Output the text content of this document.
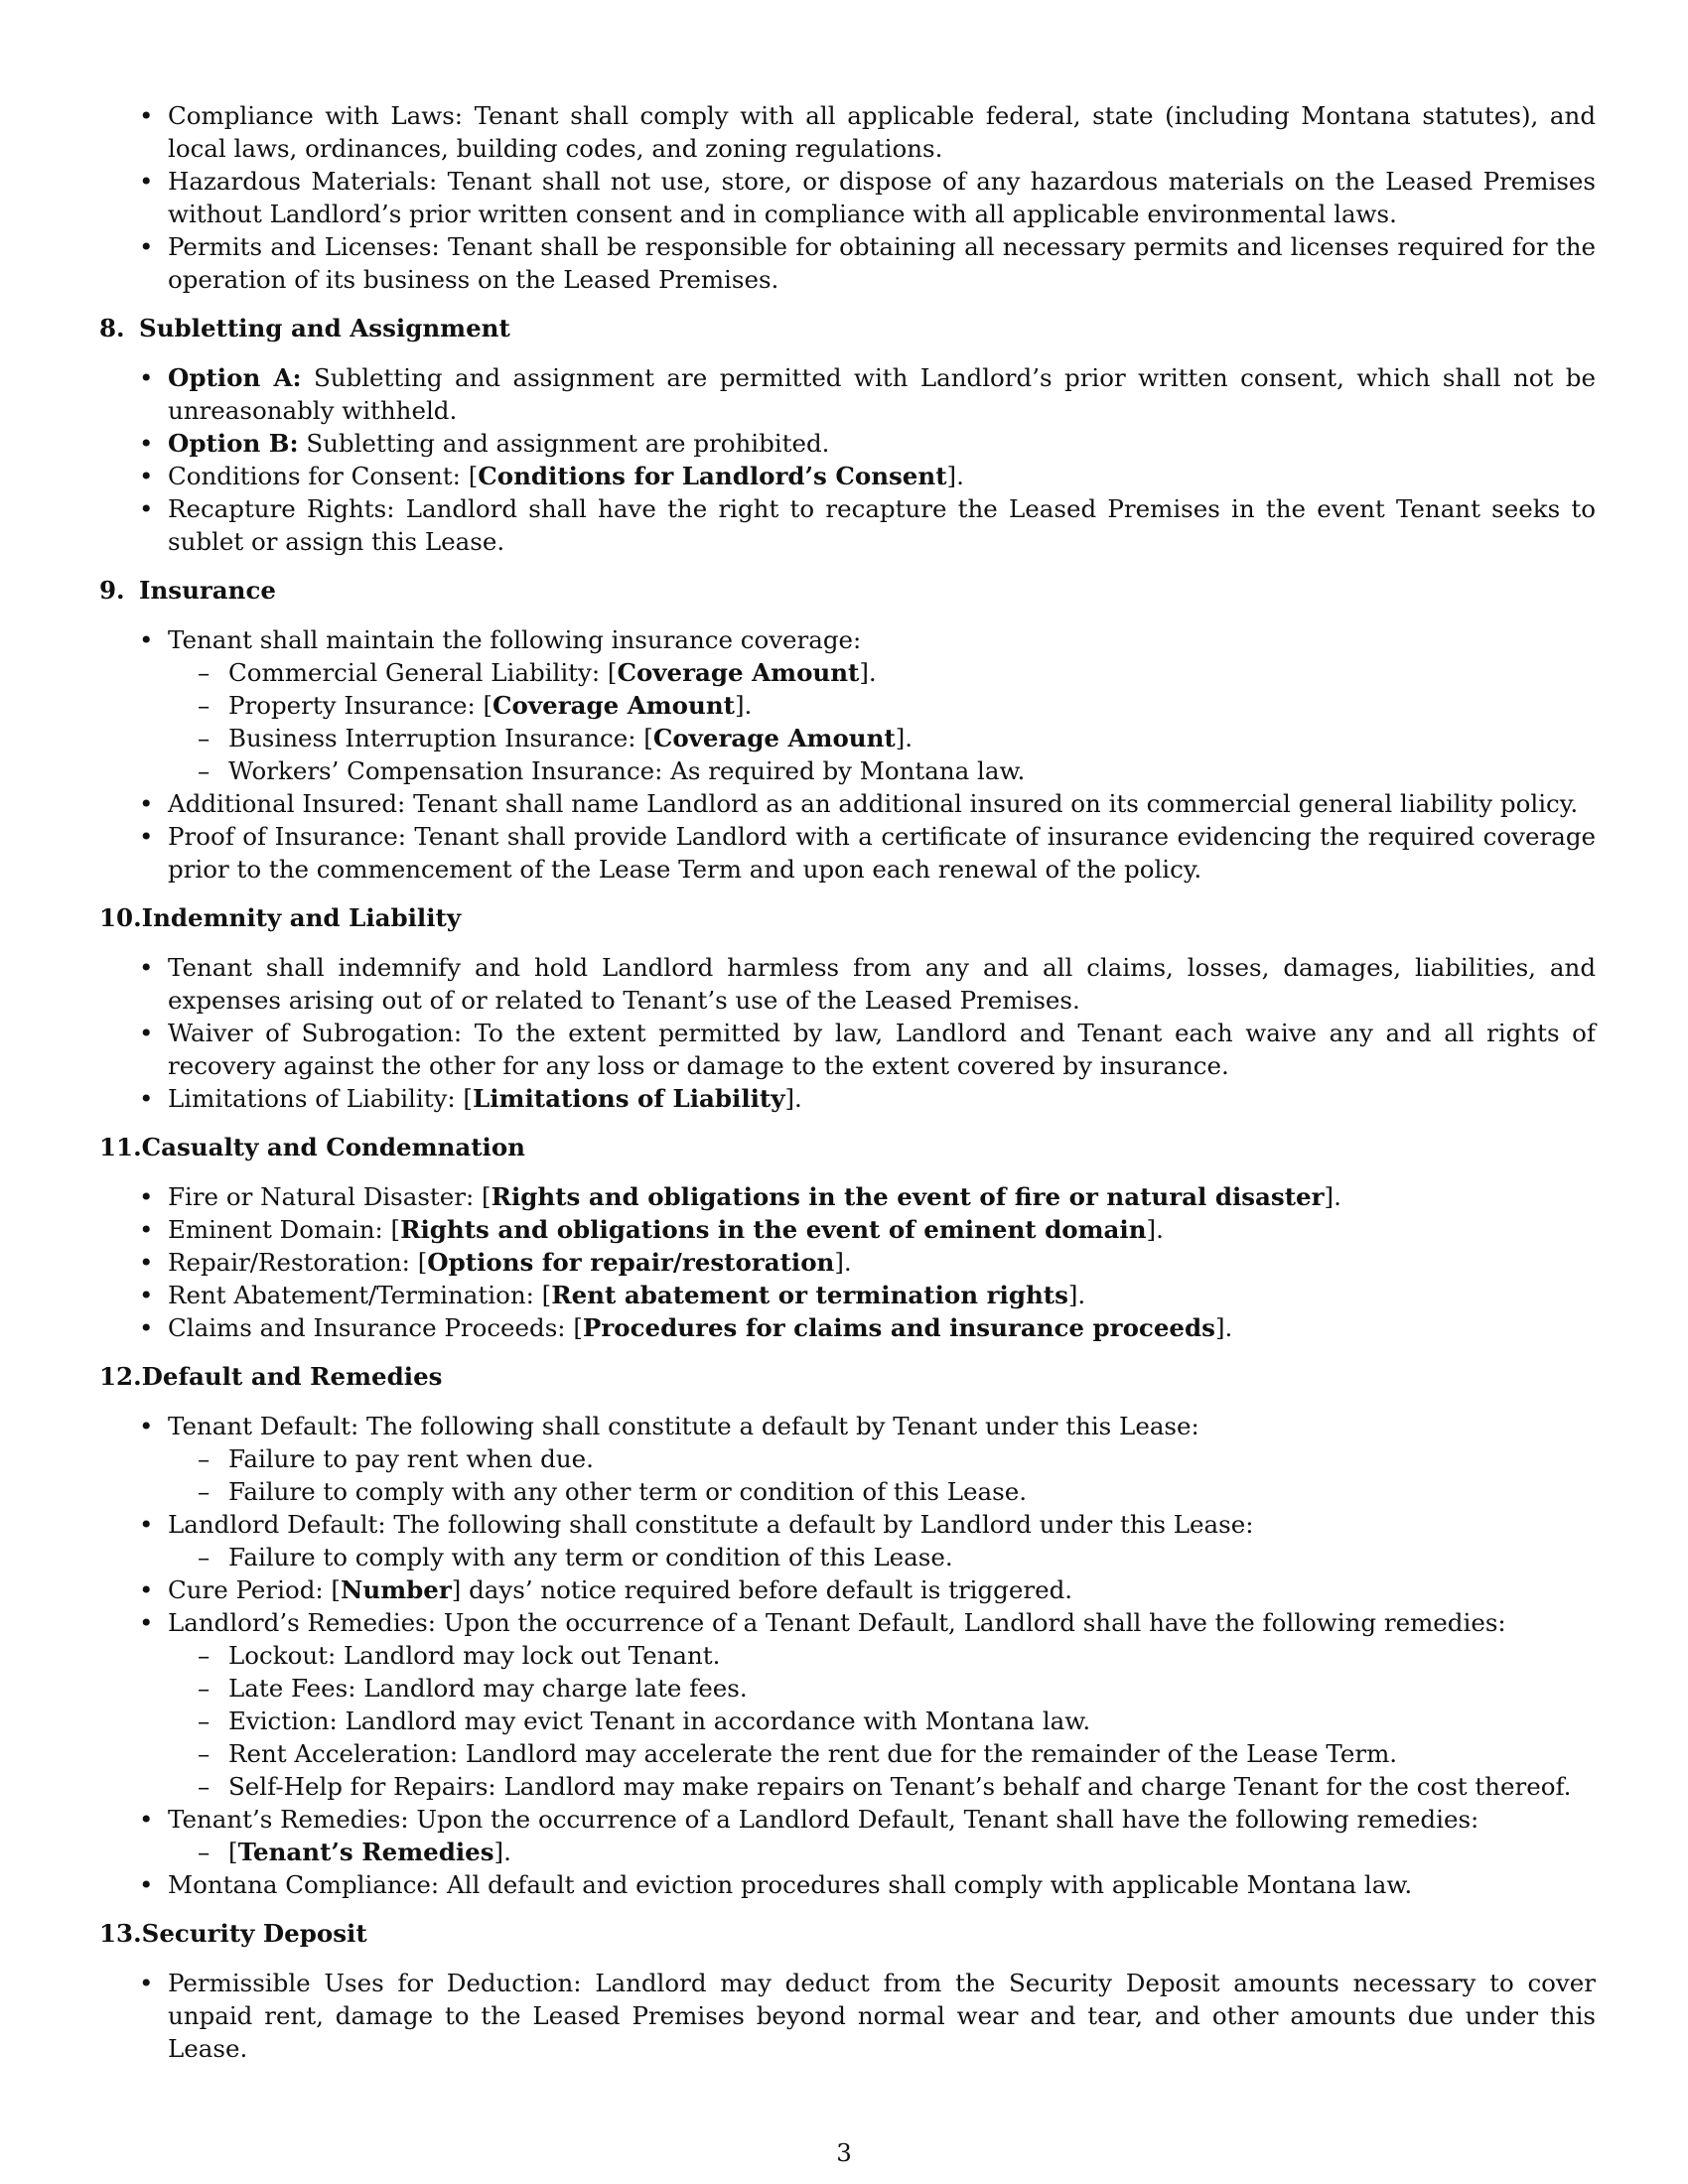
• Compliance with Laws: Tenant shall comply with all applicable federal, state (including Montana statutes), and local laws, ordinances, building codes, and zoning regulations.
• Hazardous Materials: Tenant shall not use, store, or dispose of any hazardous materials on the Leased Premises without Landlord’s prior written consent and in compliance with all applicable environmental laws.
• Permits and Licenses: Tenant shall be responsible for obtaining all necessary permits and licenses required for the operation of its business on the Leased Premises.
8. Subletting and Assignment
• Option A: Subletting and assignment are permitted with Landlord’s prior written consent, which shall not be unreasonably withheld.
• Option B: Subletting and assignment are prohibited.
• Conditions for Consent: [Conditions for Landlord’s Consent].
• Recapture Rights: Landlord shall have the right to recapture the Leased Premises in the event Tenant seeks to sublet or assign this Lease.
9. Insurance
• Tenant shall maintain the following insurance coverage:
– Commercial General Liability: [Coverage Amount].
– Property Insurance: [Coverage Amount].
– Business Interruption Insurance: [Coverage Amount].
– Workers’ Compensation Insurance: As required by Montana law.
• Additional Insured: Tenant shall name Landlord as an additional insured on its commercial general liability policy.
• Proof of Insurance: Tenant shall provide Landlord with a certificate of insurance evidencing the required coverage prior to the commencement of the Lease Term and upon each renewal of the policy.
10.Indemnity and Liability
• Tenant shall indemnify and hold Landlord harmless from any and all claims, losses, damages, liabilities, and expenses arising out of or related to Tenant’s use of the Leased Premises.
• Waiver of Subrogation: To the extent permitted by law, Landlord and Tenant each waive any and all rights of recovery against the other for any loss or damage to the extent covered by insurance.
• Limitations of Liability: [Limitations of Liability].
11.Casualty and Condemnation
• Fire or Natural Disaster: [Rights and obligations in the event of fire or natural disaster].
• Eminent Domain: [Rights and obligations in the event of eminent domain].
• Repair/Restoration: [Options for repair/restoration].
• Rent Abatement/Termination: [Rent abatement or termination rights].
• Claims and Insurance Proceeds: [Procedures for claims and insurance proceeds].
12.Default and Remedies
• Tenant Default: The following shall constitute a default by Tenant under this Lease:
– Failure to pay rent when due.
– Failure to comply with any other term or condition of this Lease.
• Landlord Default: The following shall constitute a default by Landlord under this Lease:
– Failure to comply with any term or condition of this Lease.
• Cure Period: [Number] days’ notice required before default is triggered.
• Landlord’s Remedies: Upon the occurrence of a Tenant Default, Landlord shall have the following remedies:
– Lockout: Landlord may lock out Tenant.
– Late Fees: Landlord may charge late fees.
– Eviction: Landlord may evict Tenant in accordance with Montana law.
– Rent Acceleration: Landlord may accelerate the rent due for the remainder of the Lease Term.
– Self-Help for Repairs: Landlord may make repairs on Tenant’s behalf and charge Tenant for the cost thereof.
• Tenant’s Remedies: Upon the occurrence of a Landlord Default, Tenant shall have the following remedies:
– [Tenant’s Remedies].
• Montana Compliance: All default and eviction procedures shall comply with applicable Montana law.
13.Security Deposit
• Permissible Uses for Deduction: Landlord may deduct from the Security Deposit amounts necessary to cover unpaid rent, damage to the Leased Premises beyond normal wear and tear, and other amounts due under this Lease.
3
